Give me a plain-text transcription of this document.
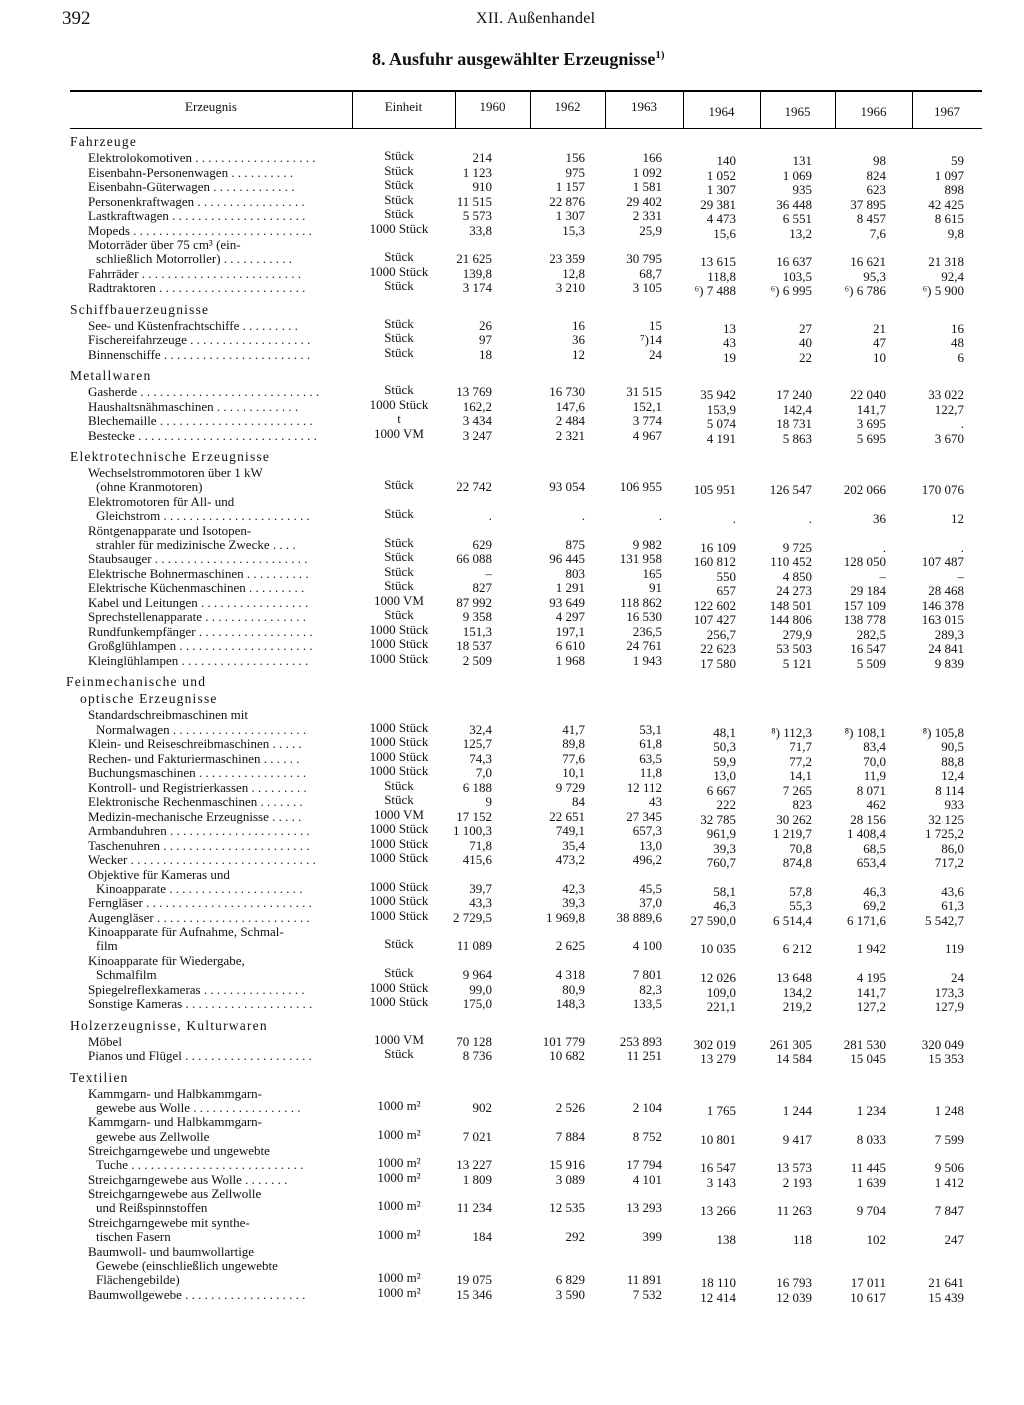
392	XII. Außenhandel
8. Ausfuhr ausgewählter Erzeugnisse$^{1)}$
Erzeugnis	Einheit	1960	1962	1963	1964	1965	1966	1967
Fahrzeuge
Elektrolokomotiven . . . . . . . . . . . . . . . . . . .	Stück	214	156	166	140	131	98	59
Eisenbahn-Personenwagen . . . . . . . . . .	Stück	1 123	975	1 092	1 052	1 069	824	1 097
Eisenbahn-Güterwagen . . . . . . . . . . . . .	Stück	910	1 157	1 581	1 307	935	623	898
Personenkraftwagen . . . . . . . . . . . . . . . . .	Stück	11 515	22 876	29 402	29 381	36 448	37 895	42 425
Lastkraftwagen . . . . . . . . . . . . . . . . . . . . .	Stück	5 573	1 307	2 331	4 473	6 551	8 457	8 615
Mopeds . . . . . . . . . . . . . . . . . . . . . . . . . . . .	1000 Stück	33,8	15,3	25,9	15,6	13,2	7,6	9,8
Motorräder über 75 cm³ (ein-
schließlich Motorroller) . . . . . . . . . . .	Stück	21 625	23 359	30 795	13 615	16 637	16 621	21 318
Fahrräder . . . . . . . . . . . . . . . . . . . . . . . . .	1000 Stück	139,8	12,8	68,7	118,8	103,5	95,3	92,4
Radtraktoren . . . . . . . . . . . . . . . . . . . . . . .	Stück	3 174	3 210	3 105	⁶) 7 488	⁶) 6 995	⁶) 6 786	⁶) 5 900
Schiffbauerzeugnisse
See- und Küstenfrachtschiffe . . . . . . . . .	Stück	26	16	15	13	27	21	16
Fischereifahrzeuge . . . . . . . . . . . . . . . . . . .	Stück	97	36	⁷)14	43	40	47	48
Binnenschiffe . . . . . . . . . . . . . . . . . . . . . . .	Stück	18	12	24	19	22	10	6
Metallwaren
Gasherde . . . . . . . . . . . . . . . . . . . . . . . . . . . .	Stück	13 769	16 730	31 515	35 942	17 240	22 040	33 022
Haushaltsnähmaschinen . . . . . . . . . . . . .	1000 Stück	162,2	147,6	152,1	153,9	142,4	141,7	122,7
Blechemaille . . . . . . . . . . . . . . . . . . . . . . . .	t	3 434	2 484	3 774	5 074	18 731	3 695	.
Bestecke . . . . . . . . . . . . . . . . . . . . . . . . . . . .	1000 VM	3 247	2 321	4 967	4 191	5 863	5 695	3 670
Elektrotechnische Erzeugnisse
Wechselstrommotoren über 1 kW
(ohne Kranmotoren)	Stück	22 742	93 054	106 955	105 951	126 547	202 066	170 076
Elektromotoren für All- und
Gleichstrom . . . . . . . . . . . . . . . . . . . . . . .	Stück	.	.	.	.	.	36	12
Röntgenapparate und Isotopen-
strahler für medizinische Zwecke . . . .	Stück	629	875	9 982	16 109	9 725	.	.
Staubsauger . . . . . . . . . . . . . . . . . . . . . . . .	Stück	66 088	96 445	131 958	160 812	110 452	128 050	107 487
Elektrische Bohnermaschinen . . . . . . . . . .	Stück	–	803	165	550	4 850	–	–
Elektrische Küchenmaschinen . . . . . . . . .	Stück	827	1 291	91	657	24 273	29 184	28 468
Kabel und Leitungen . . . . . . . . . . . . . . . . .	1000 VM	87 992	93 649	118 862	122 602	148 501	157 109	146 378
Sprechstellenapparate . . . . . . . . . . . . . . . .	Stück	9 358	4 297	16 530	107 427	144 806	138 778	163 015
Rundfunkempfänger . . . . . . . . . . . . . . . . . .	1000 Stück	151,3	197,1	236,5	256,7	279,9	282,5	289,3
Großglühlampen . . . . . . . . . . . . . . . . . . . . .	1000 Stück	18 537	6 610	24 761	22 623	53 503	16 547	24 841
Kleinglühlampen . . . . . . . . . . . . . . . . . . . .	1000 Stück	2 509	1 968	1 943	17 580	5 121	5 509	9 839
Feinmechanische und
optische Erzeugnisse
Standardschreibmaschinen mit
Normalwagen . . . . . . . . . . . . . . . . . . . . .	1000 Stück	32,4	41,7	53,1	48,1	⁸) 112,3	⁸) 108,1	⁸) 105,8
Klein- und Reiseschreibmaschinen . . . . .	1000 Stück	125,7	89,8	61,8	50,3	71,7	83,4	90,5
Rechen- und Fakturiermaschinen . . . . . .	1000 Stück	74,3	77,6	63,5	59,9	77,2	70,0	88,8
Buchungsmaschinen . . . . . . . . . . . . . . . . .	1000 Stück	7,0	10,1	11,8	13,0	14,1	11,9	12,4
Kontroll- und Registrierkassen . . . . . . . . .	Stück	6 188	9 729	12 112	6 667	7 265	8 071	8 114
Elektronische Rechenmaschinen . . . . . . .	Stück	9	84	43	222	823	462	933
Medizin-mechanische Erzeugnisse . . . . .	1000 VM	17 152	22 651	27 345	32 785	30 262	28 156	32 125
Armbanduhren . . . . . . . . . . . . . . . . . . . . . .	1000 Stück	1 100,3	749,1	657,3	961,9	1 219,7	1 408,4	1 725,2
Taschenuhren . . . . . . . . . . . . . . . . . . . . . . .	1000 Stück	71,8	35,4	13,0	39,3	70,8	68,5	86,0
Wecker . . . . . . . . . . . . . . . . . . . . . . . . . . . . .	1000 Stück	415,6	473,2	496,2	760,7	874,8	653,4	717,2
Objektive für Kameras und
Kinoapparate . . . . . . . . . . . . . . . . . . . . .	1000 Stück	39,7	42,3	45,5	58,1	57,8	46,3	43,6
Ferngläser . . . . . . . . . . . . . . . . . . . . . . . . . .	1000 Stück	43,3	39,3	37,0	46,3	55,3	69,2	61,3
Augengläser . . . . . . . . . . . . . . . . . . . . . . . .	1000 Stück	2 729,5	1 969,8	38 889,6	27 590,0	6 514,4	6 171,6	5 542,7
Kinoapparate für Aufnahme, Schmal-
film	Stück	11 089	2 625	4 100	10 035	6 212	1 942	119
Kinoapparate für Wiedergabe,
Schmalfilm	Stück	9 964	4 318	7 801	12 026	13 648	4 195	24
Spiegelreflexkameras . . . . . . . . . . . . . . . .	1000 Stück	99,0	80,9	82,3	109,0	134,2	141,7	173,3
Sonstige Kameras . . . . . . . . . . . . . . . . . . . .	1000 Stück	175,0	148,3	133,5	221,1	219,2	127,2	127,9
Holzerzeugnisse, Kulturwaren
Möbel	1000 VM	70 128	101 779	253 893	302 019	261 305	281 530	320 049
Pianos und Flügel . . . . . . . . . . . . . . . . . . . .	Stück	8 736	10 682	11 251	13 279	14 584	15 045	15 353
Textilien
Kammgarn- und Halbkammgarn-
gewebe aus Wolle . . . . . . . . . . . . . . . . .	1000 m²	902	2 526	2 104	1 765	1 244	1 234	1 248
Kammgarn- und Halbkammgarn-
gewebe aus Zellwolle	1000 m²	7 021	7 884	8 752	10 801	9 417	8 033	7 599
Streichgarngewebe und ungewebte
Tuche . . . . . . . . . . . . . . . . . . . . . . . . . . .	1000 m²	13 227	15 916	17 794	16 547	13 573	11 445	9 506
Streichgarngewebe aus Wolle . . . . . . .	1000 m²	1 809	3 089	4 101	3 143	2 193	1 639	1 412
Streichgarngewebe aus Zellwolle
und Reißspinnstoffen	1000 m²	11 234	12 535	13 293	13 266	11 263	9 704	7 847
Streichgarngewebe mit synthe-
tischen Fasern	1000 m²	184	292	399	138	118	102	247
Baumwoll- und baumwollartige
Gewebe (einschließlich ungewebte
Flächengebilde)	1000 m²	19 075	6 829	11 891	18 110	16 793	17 011	21 641
Baumwollgewebe . . . . . . . . . . . . . . . . . . .	1000 m²	15 346	3 590	7 532	12 414	12 039	10 617	15 439
